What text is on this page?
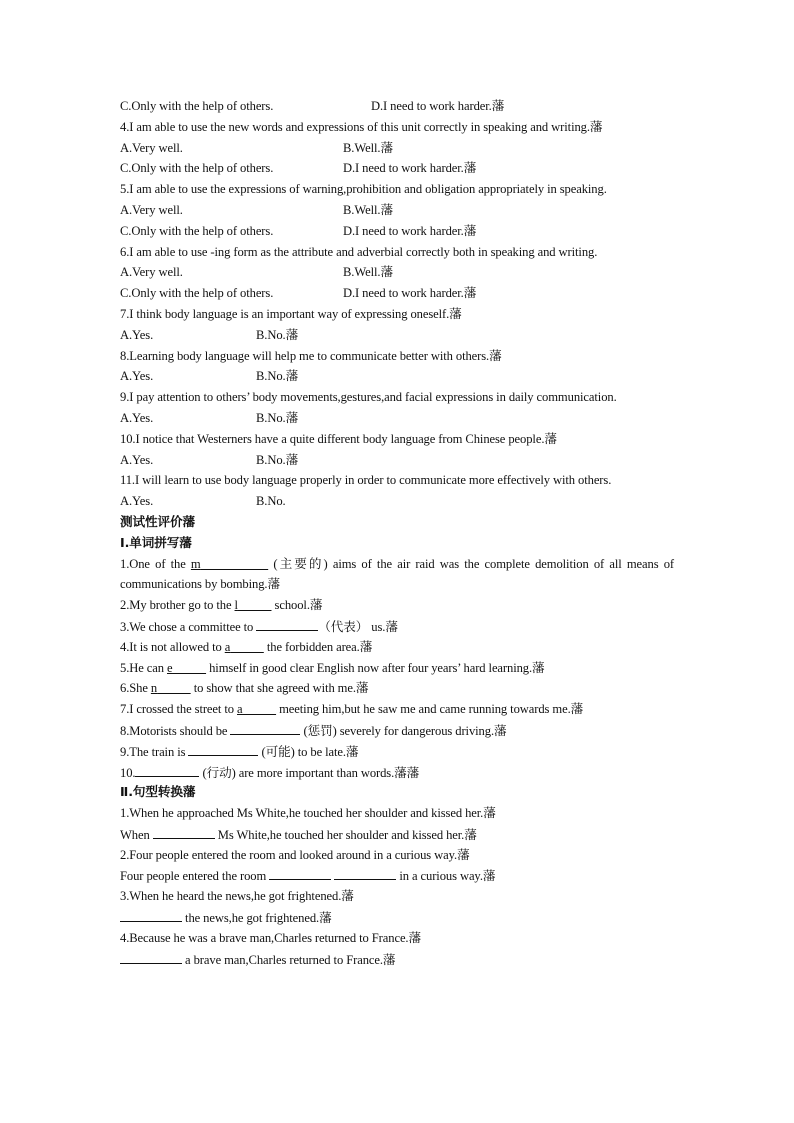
C.Only with the help of others.	D.I need to work harder.藩
4.I am able to use the new words and expressions of this unit correctly in speaking and writing.藩
A.Very well.	B.Well.藩
C.Only with the help of others.	D.I need to work harder.藩
5.I am able to use the expressions of warning,prohibition and obligation appropriately in speaking.
A.Very well.	B.Well.藩
C.Only with the help of others.	D.I need to work harder.藩
6.I am able to use -ing form as the attribute and adverbial correctly both in speaking and writing.
A.Very well.	B.Well.藩
C.Only with the help of others.	D.I need to work harder.藩
7.I think body language is an important way of expressing oneself.藩
A.Yes.	B.No.藩
8.Learning body language will help me to communicate better with others.藩
A.Yes.	B.No.藩
9.I pay attention to others’ body movements,gestures,and facial expressions in daily communication.
A.Yes.	B.No.藩
10.I notice that Westerners have a quite different body language from Chinese people.藩
A.Yes.	B.No.藩
11.I will learn to use body language properly in order to communicate more effectively with others.
A.Yes.	B.No.
测试性评价藩
Ⅰ.单词拼写藩
1.One of the m	(主要的) aims of the air raid was the complete demolition of all means of communications by bombing.藩
2.My brother go to the l	school.藩
3.We chose a committee to	（代表） us.藩
4.It is not allowed to a	the forbidden area.藩
5.He can e	himself in good clear English now after four years’ hard learning.藩
6.She n	to show that she agreed with me.藩
7.I crossed the street to a	meeting him,but he saw me and came running towards me.藩
8.Motorists should be	(惩罚) severely for dangerous driving.藩
9.The train is	(可能) to be late.藩
10.	(行动) are more important than words.藩藩
Ⅱ.句型转换藩
1.When he approached Ms White,he touched her shoulder and kissed her.藩
When	Ms White,he touched her shoulder and kissed her.藩
2.Four people entered the room and looked around in a curious way.藩
Four people entered the room	in a curious way.藩
3.When he heard the news,he got frightened.藩
the news,he got frightened.藩
4.Because he was a brave man,Charles returned to France.藩
a brave man,Charles returned to France.藩
